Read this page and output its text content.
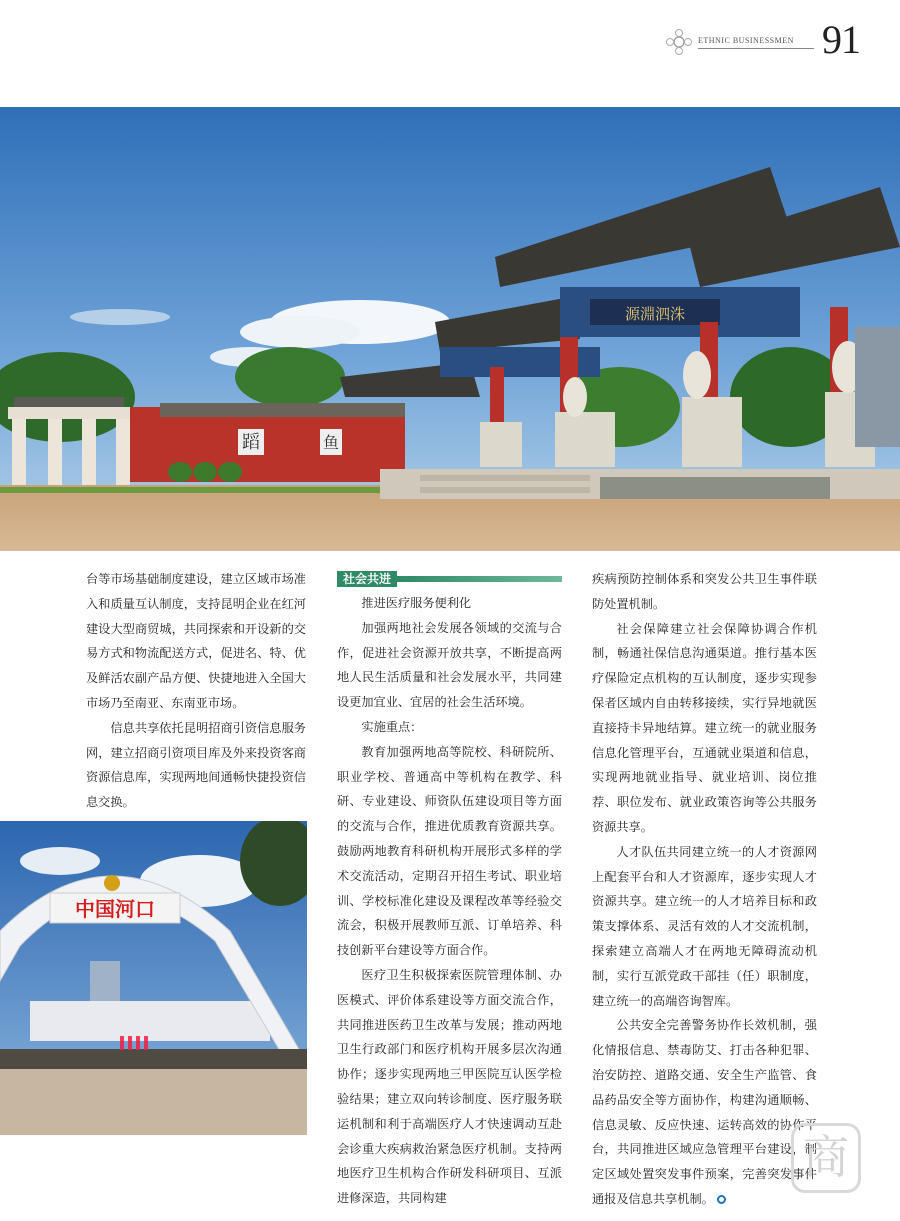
ETHNIC BUSINESSMEN 91
蹈	鱼
源淵泗洙

台等市场基础制度建设，建立区域市场准入和质量互认制度，支持昆明企业在红河建设大型商贸城，共同探索和开设新的交易方式和物流配送方式，促进名、特、优及鲜活农副产品方便、快捷地进入全国大市场乃至南亚、东南亚市场。

信息共享依托昆明招商引资信息服务网，建立招商引资项目库及外来投资客商资源信息库，实现两地间通畅快捷投资信息交换。

中国河口
社会共进

推进医疗服务便利化

加强两地社会发展各领域的交流与合作，促进社会资源开放共享，不断提高两地人民生活质量和社会发展水平，共同建设更加宜业、宜居的社会生活环境。

实施重点：

教育加强两地高等院校、科研院所、职业学校、普通高中等机构在教学、科研、专业建设、师资队伍建设项目等方面的交流与合作，推进优质教育资源共享。鼓励两地教育科研机构开展形式多样的学术交流活动，定期召开招生考试、职业培训、学校标准化建设及课程改革等经验交流会，积极开展教师互派、订单培养、科技创新平台建设等方面合作。

医疗卫生积极探索医院管理体制、办医模式、评价体系建设等方面交流合作，共同推进医药卫生改革与发展；推动两地卫生行政部门和医疗机构开展多层次沟通协作；逐步实现两地三甲医院互认医学检验结果；建立双向转诊制度、医疗服务联运机制和利于高端医疗人才快速调动互赴会诊重大疾病救治紧急医疗机制。支持两地医疗卫生机构合作研发科研项目、互派进修深造，共同构建

疾病预防控制体系和突发公共卫生事件联防处置机制。

社会保障建立社会保障协调合作机制，畅通社保信息沟通渠道。推行基本医疗保险定点机构的互认制度，逐步实现参保者区域内自由转移接续，实行异地就医直接持卡异地结算。建立统一的就业服务信息化管理平台，互通就业渠道和信息，实现两地就业指导、就业培训、岗位推荐、职位发布、就业政策咨询等公共服务资源共享。

人才队伍共同建立统一的人才资源网上配套平台和人才资源库，逐步实现人才资源共享。建立统一的人才培养目标和政策支撑体系、灵活有效的人才交流机制，探索建立高端人才在两地无障碍流动机制，实行互派党政干部挂（任）职制度，建立统一的高端咨询智库。

公共安全完善警务协作长效机制，强化情报信息、禁毒防艾、打击各种犯罪、治安防控、道路交通、安全生产监管、食品药品安全等方面协作，构建沟通顺畅、信息灵敏、反应快速、运转高效的协作平台，共同推进区域应急管理平台建设，制定区域处置突发事件预案，完善突发事件通报及信息共享机制。

商
